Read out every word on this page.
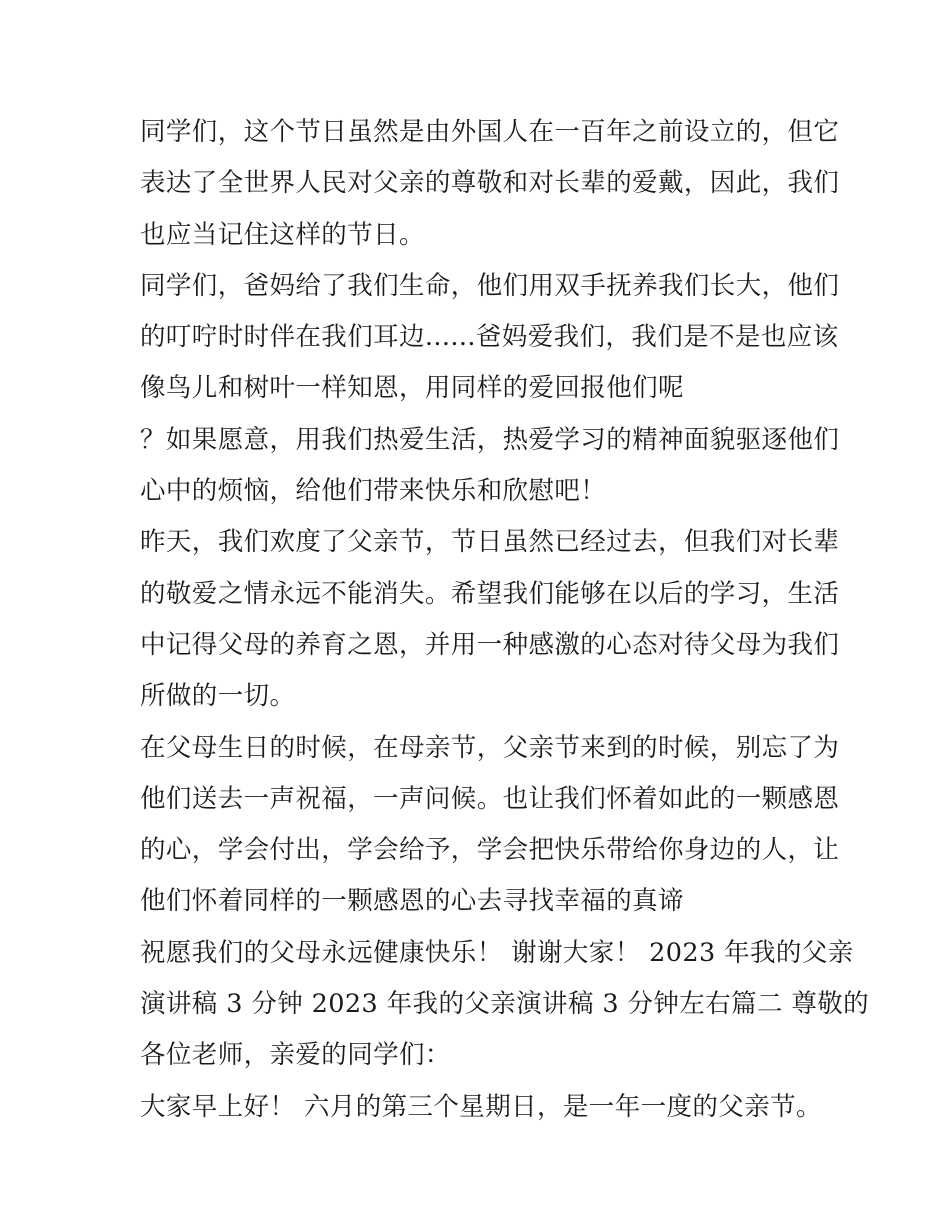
同学们，这个节日虽然是由外国人在一百年之前设立的，但它
表达了全世界人民对父亲的尊敬和对长辈的爱戴，因此，我们
也应当记住这样的节日。
同学们，爸妈给了我们生命，他们用双手抚养我们长大，他们
的叮咛时时伴在我们耳边......爸妈爱我们，我们是不是也应该
像鸟儿和树叶一样知恩，用同样的爱回报他们呢
？如果愿意，用我们热爱生活，热爱学习的精神面貌驱逐他们
心中的烦恼，给他们带来快乐和欣慰吧！
昨天，我们欢度了父亲节，节日虽然已经过去，但我们对长辈
的敬爱之情永远不能消失。希望我们能够在以后的学习，生活
中记得父母的养育之恩，并用一种感激的心态对待父母为我们
所做的一切。
在父母生日的时候，在母亲节，父亲节来到的时候，别忘了为
他们送去一声祝福，一声问候。也让我们怀着如此的一颗感恩
的心，学会付出，学会给予，学会把快乐带给你身边的人，让
他们怀着同样的一颗感恩的心去寻找幸福的真谛
祝愿我们的父母永远健康快乐！ 谢谢大家！ 2023 年我的父亲
演讲稿 3 分钟 2023 年我的父亲演讲稿 3 分钟左右篇二 尊敬的
各位老师，亲爱的同学们：
大家早上好！ 六月的第三个星期日，是一年一度的父亲节。
